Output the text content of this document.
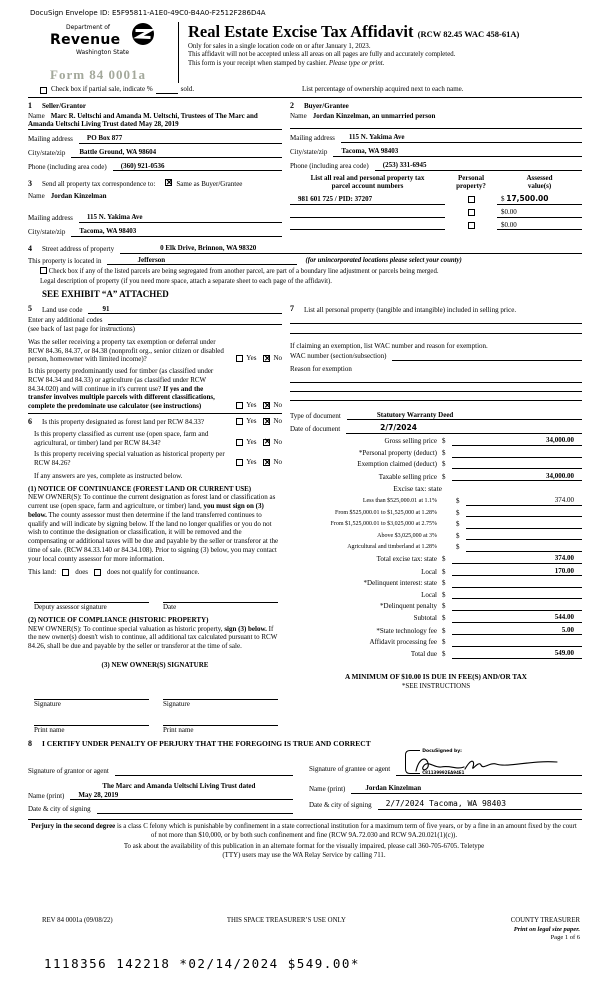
DocuSign Envelope ID: E5F95811-A1E0-49C0-B4A0-F2512F286D4A
Department of
Revenue
Washington State
Form 84 0001a
Real Estate Excise Tax Affidavit (RCW 82.45 WAC 458-61A)
Only for sales in a single location code on or after January 1, 2023.
This affidavit will not be accepted unless all areas on all pages are fully and accurately completed.
This form is your receipt when stamped by cashier. Please type or print.
Check box if partial sale, indicate %	sold.	List percentage of ownership acquired next to each name.
1 Seller/Grantor
Name Marc R. Ueltschi and Amanda M. Ueltschi, Trustees of The Marc and Amanda Ueltschi Living Trust dated May 28, 2019
Mailing address	PO Box 877
City/state/zip	Battle Ground, WA 98604
Phone (including area code)	(360) 921-0536
3 Send all property tax correspondence to: ✕	Same as Buyer/Grantee
Name Jordan Kinzelman
Mailing address	115 N. Yakima Ave
City/state/zip	Tacoma, WA 98403
2 Buyer/Grantee
Name Jordan Kinzelman, an unmarried person
Mailing address	115 N. Yakima Ave
City/state/zip	Tacoma, WA 98403
Phone (including area code)	(253) 331-6945
List all real and personal property tax
parcel account numbers
Personal
property?
Assessed
value(s)
981 601 725 / PID: 37207	$ 17,500.00
$0.00
$0.00
4	Street address of property	0 Elk Drive, Brinnon, WA 98320
This property is located in	Jefferson	(for unincorporated locations please select your county)
Check box if any of the listed parcels are being segregated from another parcel, are part of a boundary line adjustment or parcels being merged.
Legal description of property (if you need more space, attach a separate sheet to each page of the affidavit).
SEE EXHIBIT “A” ATTACHED
5	Land use code	91
Enter any additional codes
(see back of last page for instructions)
Was the seller receiving a property tax exemption or deferral under RCW 84.36, 84.37, or 84.38 (nonprofit org., senior citizen or disabled person, homeowner with limited income)?	Yes ✕ No
Is this property predominantly used for timber (as classified under RCW 84.34 and 84.33) or agriculture (as classified under RCW 84.34.020) and will continue in it's current use? If yes and the transfer involves multiple parcels with different classifications, complete the predominate use calculator (see instructions)	Yes ✕ No
6 Is this property designated as forest land per RCW 84.33?	Yes ✕ No
Is this property classified as current use (open space, farm and agricultural, or timber) land per RCW 84.34?	Yes ✕ No
Is this property receiving special valuation as historical property per RCW 84.26?	Yes ✕ No
If any answers are yes, complete as instructed below.
(1) NOTICE OF CONTINUANCE (FOREST LAND OR CURRENT USE)
NEW OWNER(S): To continue the current designation as forest land or classification as current use (open space, farm and agriculture, or timber) land, you must sign on (3) below. The county assessor must then determine if the land transferred continues to qualify and will indicate by signing below. If the land no longer qualifies or you do not wish to continue the designation or classification, it will be removed and the compensating or additional taxes will be due and payable by the seller or transferor at the time of sale. (RCW 84.33.140 or 84.34.108). Prior to signing (3) below, you may contact your local county assessor for more information.
This land:	does	does not qualify for continuance.
Deputy assessor signature	Date
(2) NOTICE OF COMPLIANCE (HISTORIC PROPERTY)
NEW OWNER(S): To continue special valuation as historic property, sign (3) below. If the new owner(s) doesn't wish to continue, all additional tax calculated pursuant to RCW 84.26, shall be due and payable by the seller or transferor at the time of sale.
(3) NEW OWNER(S) SIGNATURE
Signature	Signature
Print name	Print name
7	List all personal property (tangible and intangible) included in selling price.
If claiming an exemption, list WAC number and reason for exemption.
WAC number (section/subsection)
Reason for exemption
Type of document	Statutory Warranty Deed
Date of document	2/7/2024
Gross selling price $	34,000.00
*Personal property (deduct) $
Exemption claimed (deduct) $
Taxable selling price $	34,000.00
Excise tax: state
Less than $525,000.01 at 1.1%	$	374.00
From $525,000.01 to $1,525,000 at 1.28%	$
From $1,525,000.01 to $3,025,000 at 2.75%	$
Above $3,025,000 at 3%	$
Agricultural and timberland at 1.28%	$
Total excise tax: state $	374.00
Local $	170.00
*Delinquent interest: state $
Local $
*Delinquent penalty $
Subtotal $	544.00
*State technology fee $	5.00
Affidavit processing fee $
Total due $	549.00
A MINIMUM OF $10.00 IS DUE IN FEE(S) AND/OR TAX
*SEE INSTRUCTIONS
8 I CERTIFY UNDER PENALTY OF PERJURY THAT THE FOREGOING IS TRUE AND CORRECT
Signature of grantor or agent
Name (print)
The Marc and Amanda Ueltschi Living Trust dated
May 28, 2019
Date & city of signing
Signature of grantee or agent
DocuSigned by:
C81139992EA94E1
Name (print)	Jordan Kinzelman
Date & city of signing	2/7/2024 Tacoma, WA 98403
Perjury in the second degree is a class C felony which is punishable by confinement in a state correctional institution for a maximum term of five years, or by a fine in an amount fixed by the court of not more than $10,000, or by both such confinement and fine (RCW 9A.72.030 and RCW 9A.20.021(1)(c)).
To ask about the availability of this publication in an alternate format for the visually impaired, please call 360-705-6705. Teletype
(TTY) users may use the WA Relay Service by calling 711.
REV 84 0001a (09/08/22)	THIS SPACE TREASURER’S USE ONLY	COUNTY TREASURER
Print on legal size paper.
Page 1 of 6
1118356 142218 *02/14/2024 $549.00*
